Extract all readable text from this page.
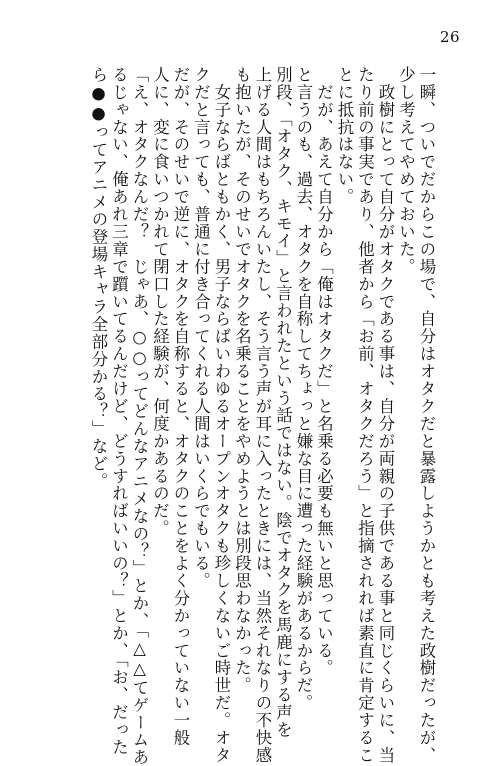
26
一瞬、ついでだからこの場で、自分はオタクだと暴露しようかとも考えた政樹だったが、
少し考えてやめておいた。
政樹にとって自分がオタクである事は、自分が両親の子供である事と同じくらいに、当
たり前の事実であり、他者から「お前、オタクだろう」と指摘されれば素直に肯定するこ
とに抵抗はない。
だが、あえて自分から「俺はオタクだ」と名乗る必要も無いと思っている。
と言うのも、過去、オタクを自称してちょっと嫌な目に遭った経験があるからだ。
別段、「オタク、キモイ」と言われたという話ではない。陰でオタクを馬鹿にする声を
上げる人間はもちろんいたし、そう言う声が耳に入ったときには、当然それなりの不快感
も抱いたが、そのせいでオタクを名乗ることをやめようとは別段思わなかった。
女子ならばともかく、男子ならばいわゆるオープンオタクも珍しくないご時世だ。オタ
クだと言っても、普通に付き合ってくれる人間はいくらでもいる。
だが、そのせいで逆に、オタクを自称すると、オタクのことをよく分かっていない一般
人に、変に食いつかれて閉口した経験が、何度かあるのだ。
「え、オタクなんだ？　じゃあ、○○ってどんなアニメなの？」とか、「△△てゲームあ
るじゃない、俺あれ三章で躓いてるんだけど、どうすればいいの？」とか、「お、だった
ら●●ってアニメの登場キャラ全部分かる？」など。
